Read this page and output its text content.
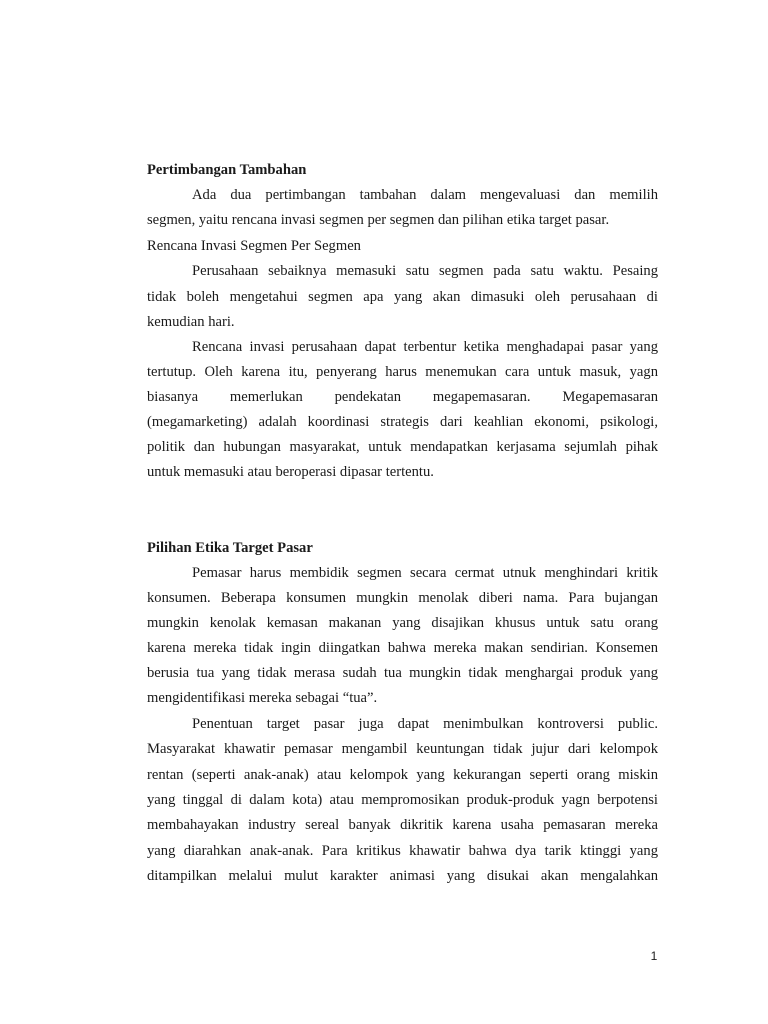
Pertimbangan Tambahan
Ada dua pertimbangan tambahan dalam mengevaluasi dan memilih
segmen, yaitu rencana invasi segmen per segmen dan pilihan etika target pasar.
Rencana Invasi Segmen Per Segmen
Perusahaan sebaiknya memasuki satu segmen pada satu waktu. Pesaing
tidak boleh mengetahui segmen apa yang akan dimasuki oleh perusahaan di
kemudian hari.
Rencana invasi perusahaan dapat terbentur ketika menghadapai pasar yang
tertutup. Oleh karena itu, penyerang harus menemukan cara untuk masuk, yagn
biasanya memerlukan pendekatan megapemasaran. Megapemasaran
(megamarketing) adalah koordinasi strategis dari keahlian ekonomi, psikologi,
politik dan hubungan masyarakat, untuk mendapatkan kerjasama sejumlah pihak
untuk memasuki atau beroperasi dipasar tertentu.
Pilihan Etika Target Pasar
Pemasar harus membidik segmen secara cermat utnuk menghindari kritik
konsumen. Beberapa konsumen mungkin menolak diberi nama. Para bujangan
mungkin kenolak kemasan makanan yang disajikan khusus untuk satu orang
karena mereka tidak ingin diingatkan bahwa mereka makan sendirian. Konsemen
berusia tua yang tidak merasa sudah tua mungkin tidak menghargai produk yang
mengidentifikasi mereka sebagai “tua”.
Penentuan target pasar juga dapat menimbulkan kontroversi public.
Masyarakat khawatir pemasar mengambil keuntungan tidak jujur dari kelompok
rentan (seperti anak-anak) atau kelompok yang kekurangan seperti orang miskin
yang tinggal di dalam kota) atau mempromosikan produk-produk yagn berpotensi
membahayakan industry sereal banyak dikritik karena usaha pemasaran mereka
yang diarahkan anak-anak. Para kritikus khawatir bahwa dya tarik ktinggi yang
ditampilkan melalui mulut karakter animasi yang disukai akan mengalahkan
1
